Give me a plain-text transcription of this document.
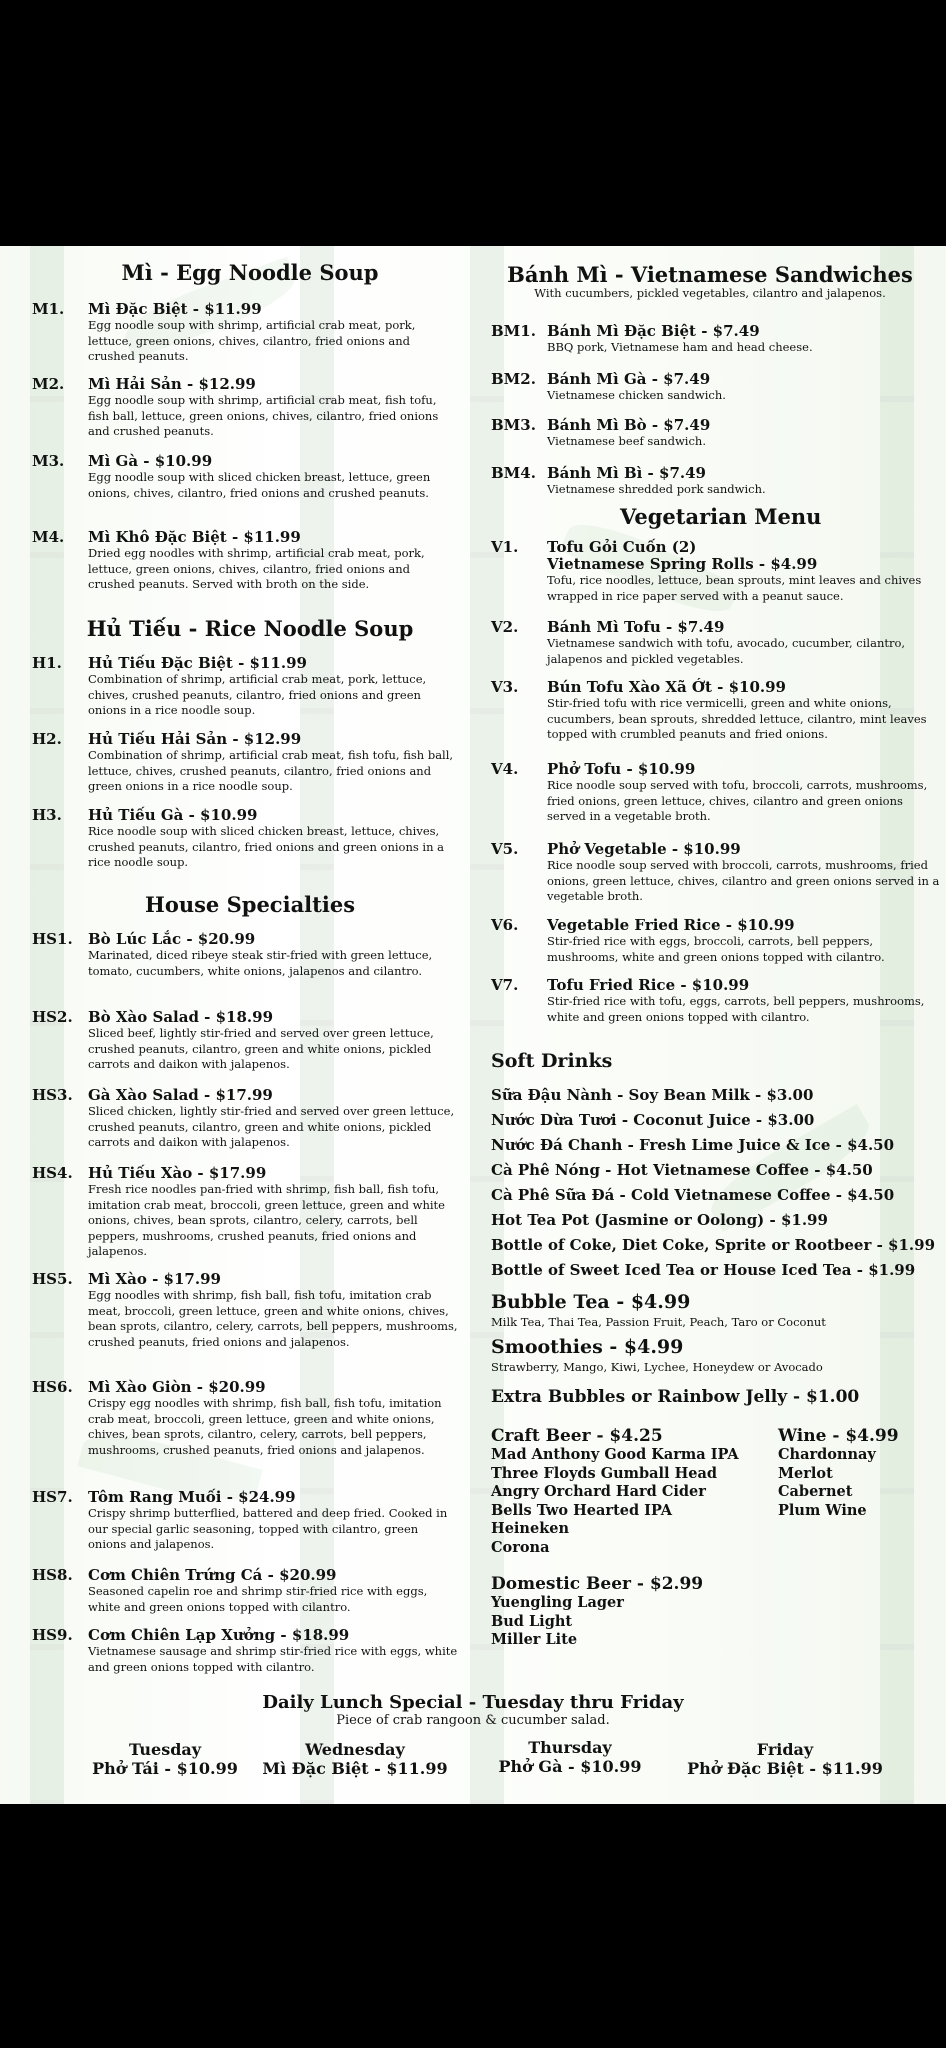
Mì - Egg Noodle Soup
M1. Mì Đặc Biệt - $11.99
Egg noodle soup with shrimp, artificial crab meat, pork, lettuce, green onions, chives, cilantro, fried onions and crushed peanuts.
M2. Mì Hải Sản - $12.99
Egg noodle soup with shrimp, artificial crab meat, fish tofu, fish ball, lettuce, green onions, chives, cilantro, fried onions and crushed peanuts.
M3. Mì Gà - $10.99
Egg noodle soup with sliced chicken breast, lettuce, green onions, chives, cilantro, fried onions and crushed peanuts.
M4. Mì Khô Đặc Biệt - $11.99
Dried egg noodles with shrimp, artificial crab meat, pork, lettuce, green onions, chives, cilantro, fried onions and crushed peanuts. Served with broth on the side.
Hủ Tiếu - Rice Noodle Soup
H1. Hủ Tiếu Đặc Biệt - $11.99
Combination of shrimp, artificial crab meat, pork, lettuce, chives, crushed peanuts, cilantro, fried onions and green onions in a rice noodle soup.
H2. Hủ Tiếu Hải Sản - $12.99
Combination of shrimp, artificial crab meat, fish tofu, fish ball, lettuce, chives, crushed peanuts, cilantro, fried onions and green onions in a rice noodle soup.
H3. Hủ Tiếu Gà - $10.99
Rice noodle soup with sliced chicken breast, lettuce, chives, crushed peanuts, cilantro, fried onions and green onions in a rice noodle soup.
House Specialties
HS1. Bò Lúc Lắc - $20.99
Marinated, diced ribeye steak stir-fried with green lettuce, tomato, cucumbers, white onions, jalapenos and cilantro.
HS2. Bò Xào Salad - $18.99
Sliced beef, lightly stir-fried and served over green lettuce, crushed peanuts, cilantro, green and white onions, pickled carrots and daikon with jalapenos.
HS3. Gà Xào Salad - $17.99
Sliced chicken, lightly stir-fried and served over green lettuce, crushed peanuts, cilantro, green and white onions, pickled carrots and daikon with jalapenos.
HS4. Hủ Tiếu Xào - $17.99
Fresh rice noodles pan-fried with shrimp, fish ball, fish tofu, imitation crab meat, broccoli, green lettuce, green and white onions, chives, bean sprots, cilantro, celery, carrots, bell peppers, mushrooms, crushed peanuts, fried onions and jalapenos.
HS5. Mì Xào - $17.99
Egg noodles with shrimp, fish ball, fish tofu, imitation crab meat, broccoli, green lettuce, green and white onions, chives, bean sprots, cilantro, celery, carrots, bell peppers, mushrooms, crushed peanuts, fried onions and jalapenos.
HS6. Mì Xào Giòn - $20.99
Crispy egg noodles with shrimp, fish ball, fish tofu, imitation crab meat, broccoli, green lettuce, green and white onions, chives, bean sprots, cilantro, celery, carrots, bell peppers, mushrooms, crushed peanuts, fried onions and jalapenos.
HS7. Tôm Rang Muối - $24.99
Crispy shrimp butterflied, battered and deep fried. Cooked in our special garlic seasoning, topped with cilantro, green onions and jalapenos.
HS8. Cơm Chiên Trứng Cá - $20.99
Seasoned capelin roe and shrimp stir-fried rice with eggs, white and green onions topped with cilantro.
HS9. Cơm Chiên Lạp Xưởng - $18.99
Vietnamese sausage and shrimp stir-fried rice with eggs, white and green onions topped with cilantro.
Bánh Mì - Vietnamese Sandwiches
With cucumbers, pickled vegetables, cilantro and jalapenos.
BM1. Bánh Mì Đặc Biệt - $7.49
BBQ pork, Vietnamese ham and head cheese.
BM2. Bánh Mì Gà - $7.49
Vietnamese chicken sandwich.
BM3. Bánh Mì Bò - $7.49
Vietnamese beef sandwich.
BM4. Bánh Mì Bì - $7.49
Vietnamese shredded pork sandwich.
Vegetarian Menu
V1. Tofu Gỏi Cuốn (2)
Vietnamese Spring Rolls - $4.99
Tofu, rice noodles, lettuce, bean sprouts, mint leaves and chives wrapped in rice paper served with a peanut sauce.
V2. Bánh Mì Tofu - $7.49
Vietnamese sandwich with tofu, avocado, cucumber, cilantro, jalapenos and pickled vegetables.
V3. Bún Tofu Xào Xã Ớt - $10.99
Stir-fried tofu with rice vermicelli, green and white onions, cucumbers, bean sprouts, shredded lettuce, cilantro, mint leaves topped with crumbled peanuts and fried onions.
V4. Phở Tofu - $10.99
Rice noodle soup served with tofu, broccoli, carrots, mushrooms, fried onions, green lettuce, chives, cilantro and green onions served in a vegetable broth.
V5. Phở Vegetable - $10.99
Rice noodle soup served with broccoli, carrots, mushrooms, fried onions, green lettuce, chives, cilantro and green onions served in a vegetable broth.
V6. Vegetable Fried Rice - $10.99
Stir-fried rice with eggs, broccoli, carrots, bell peppers, mushrooms, white and green onions topped with cilantro.
V7. Tofu Fried Rice - $10.99
Stir-fried rice with tofu, eggs, carrots, bell peppers, mushrooms, white and green onions topped with cilantro.
Soft Drinks
Sữa Đậu Nành - Soy Bean Milk - $3.00
Nước Dừa Tươi - Coconut Juice - $3.00
Nước Đá Chanh - Fresh Lime Juice & Ice - $4.50
Cà Phê Nóng - Hot Vietnamese Coffee - $4.50
Cà Phê Sữa Đá - Cold Vietnamese Coffee - $4.50
Hot Tea Pot (Jasmine or Oolong) - $1.99
Bottle of Coke, Diet Coke, Sprite or Rootbeer - $1.99
Bottle of Sweet Iced Tea or House Iced Tea - $1.99
Bubble Tea - $4.99
Milk Tea, Thai Tea, Passion Fruit, Peach, Taro or Coconut
Smoothies - $4.99
Strawberry, Mango, Kiwi, Lychee, Honeydew or Avocado
Extra Bubbles or Rainbow Jelly - $1.00
Craft Beer - $4.25
Mad Anthony Good Karma IPA
Three Floyds Gumball Head
Angry Orchard Hard Cider
Bells Two Hearted IPA
Heineken
Corona
Wine - $4.99
Chardonnay
Merlot
Cabernet
Plum Wine
Domestic Beer - $2.99
Yuengling Lager
Bud Light
Miller Lite
Daily Lunch Special - Tuesday thru Friday
Piece of crab rangoon & cucumber salad.
Tuesday
Phở Tái - $10.99
Wednesday
Mì Đặc Biệt - $11.99
Thursday
Phở Gà - $10.99
Friday
Phở Đặc Biệt - $11.99
